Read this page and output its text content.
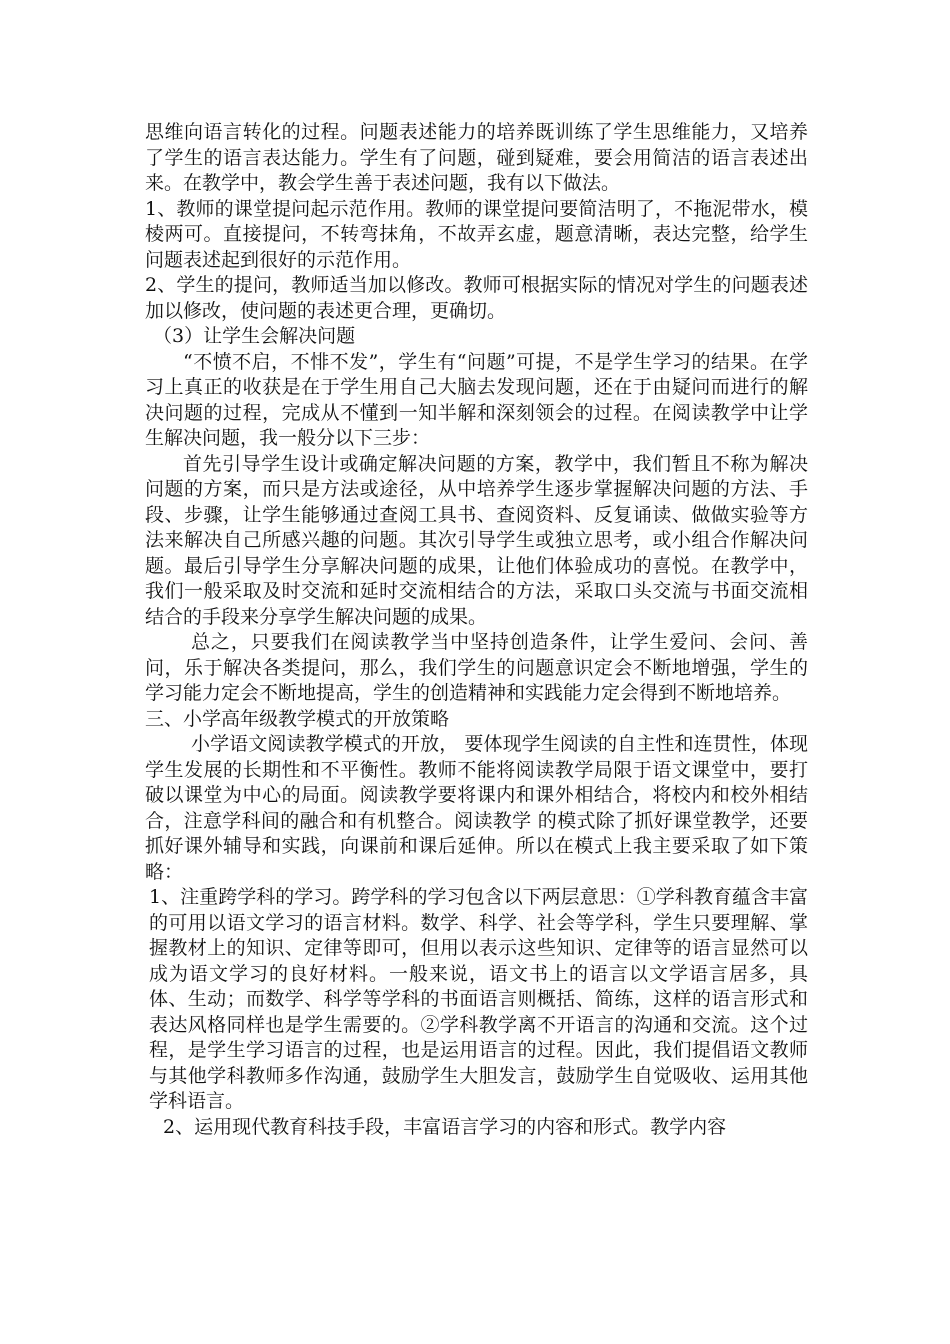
思维向语言转化的过程。问题表述能力的培养既训练了学生思维能力，又培养了学生的语言表达能力。学生有了问题，碰到疑难，要会用简洁的语言表述出来。在教学中，教会学生善于表述问题，我有以下做法。

1、教师的课堂提问起示范作用。教师的课堂提问要简洁明了，不拖泥带水，模棱两可。直接提问，不转弯抹角，不故弄玄虚，题意清晰，表达完整，给学生问题表述起到很好的示范作用。

2、学生的提问，教师适当加以修改。教师可根据实际的情况对学生的问题表述加以修改，使问题的表述更合理，更确切。

（3）让学生会解决问题

“不愤不启，不悱不发”，学生有“问题”可提，不是学生学习的结果。在学习上真正的收获是在于学生用自己大脑去发现问题，还在于由疑问而进行的解决问题的过程，完成从不懂到一知半解和深刻领会的过程。在阅读教学中让学生解决问题，我一般分以下三步：

首先引导学生设计或确定解决问题的方案，教学中，我们暂且不称为解决问题的方案，而只是方法或途径，从中培养学生逐步掌握解决问题的方法、手段、步骤，让学生能够通过查阅工具书、查阅资料、反复诵读、做做实验等方法来解决自己所感兴趣的问题。其次引导学生或独立思考，或小组合作解决问题。最后引导学生分享解决问题的成果，让他们体验成功的喜悦。在教学中，我们一般采取及时交流和延时交流相结合的方法，采取口头交流与书面交流相结合的手段来分享学生解决问题的成果。

总之，只要我们在阅读教学当中坚持创造条件，让学生爱问、会问、善问，乐于解决各类提问，那么，我们学生的问题意识定会不断地增强，学生的学习能力定会不断地提高，学生的创造精神和实践能力定会得到不断地培养。

三、小学高年级教学模式的开放策略

小学语文阅读教学模式的开放， 要体现学生阅读的自主性和连贯性，体现学生发展的长期性和不平衡性。教师不能将阅读教学局限于语文课堂中，要打破以课堂为中心的局面。阅读教学要将课内和课外相结合，将校内和校外相结合，注意学科间的融合和有机整合。阅读教学 的模式除了抓好课堂教学，还要抓好课外辅导和实践，向课前和课后延伸。所以在模式上我主要采取了如下策略：

1、注重跨学科的学习。跨学科的学习包含以下两层意思：①学科教育蕴含丰富的可用以语文学习的语言材料。数学、科学、社会等学科，学生只要理解、掌握教材上的知识、定律等即可，但用以表示这些知识、定律等的语言显然可以成为语文学习的良好材料。一般来说，语文书上的语言以文学语言居多，具体、生动；而数学、科学等学科的书面语言则概括、简练，这样的语言形式和表达风格同样也是学生需要的。②学科教学离不开语言的沟通和交流。这个过程，是学生学习语言的过程，也是运用语言的过程。因此，我们提倡语文教师与其他学科教师多作沟通，鼓励学生大胆发言，鼓励学生自觉吸收、运用其他学科语言。

2、运用现代教育科技手段，丰富语言学习的内容和形式。教学内容
